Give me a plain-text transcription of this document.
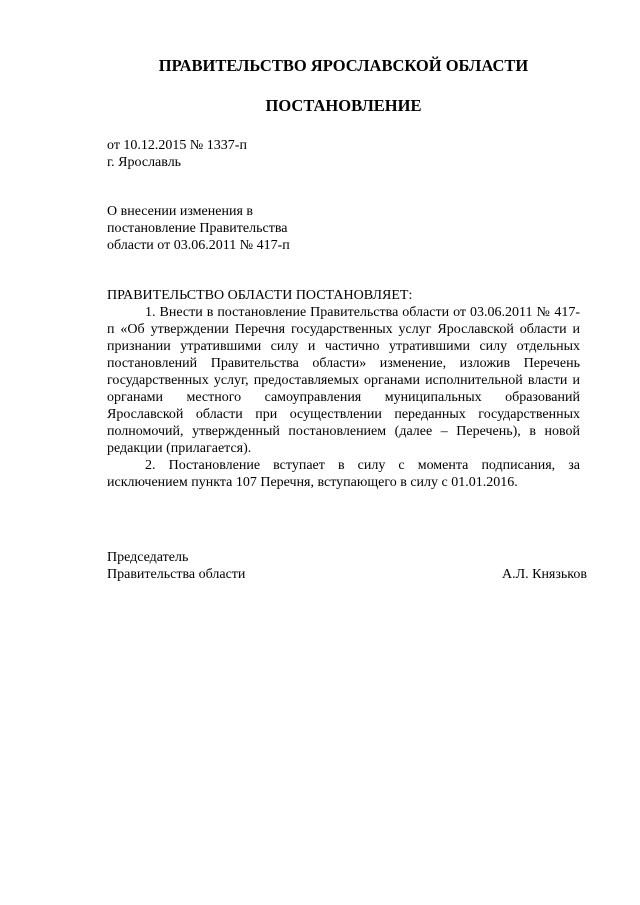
ПРАВИТЕЛЬСТВО ЯРОСЛАВСКОЙ ОБЛАСТИ
ПОСТАНОВЛЕНИЕ
от 10.12.2015 № 1337-п
г. Ярославль
О внесении изменения в
постановление Правительства
области от 03.06.2011 № 417-п

ПРАВИТЕЛЬСТВО ОБЛАСТИ ПОСТАНОВЛЯЕТ:

1. Внести в постановление Правительства области от 03.06.2011 № 417-п «Об утверждении Перечня государственных услуг Ярославской области и признании утратившими силу и частично утратившими силу отдельных постановлений Правительства области» изменение, изложив Перечень государственных услуг, предоставляемых органами исполнительной власти и органами местного самоуправления муниципальных образований Ярославской области при осуществлении переданных государственных полномочий, утвержденный постановлением (далее – Перечень), в новой редакции (прилагается).

2. Постановление вступает в силу с момента подписания, за исключением пункта 107 Перечня, вступающего в силу с 01.01.2016.

Председатель
Правительства области	А.Л. Князьков
